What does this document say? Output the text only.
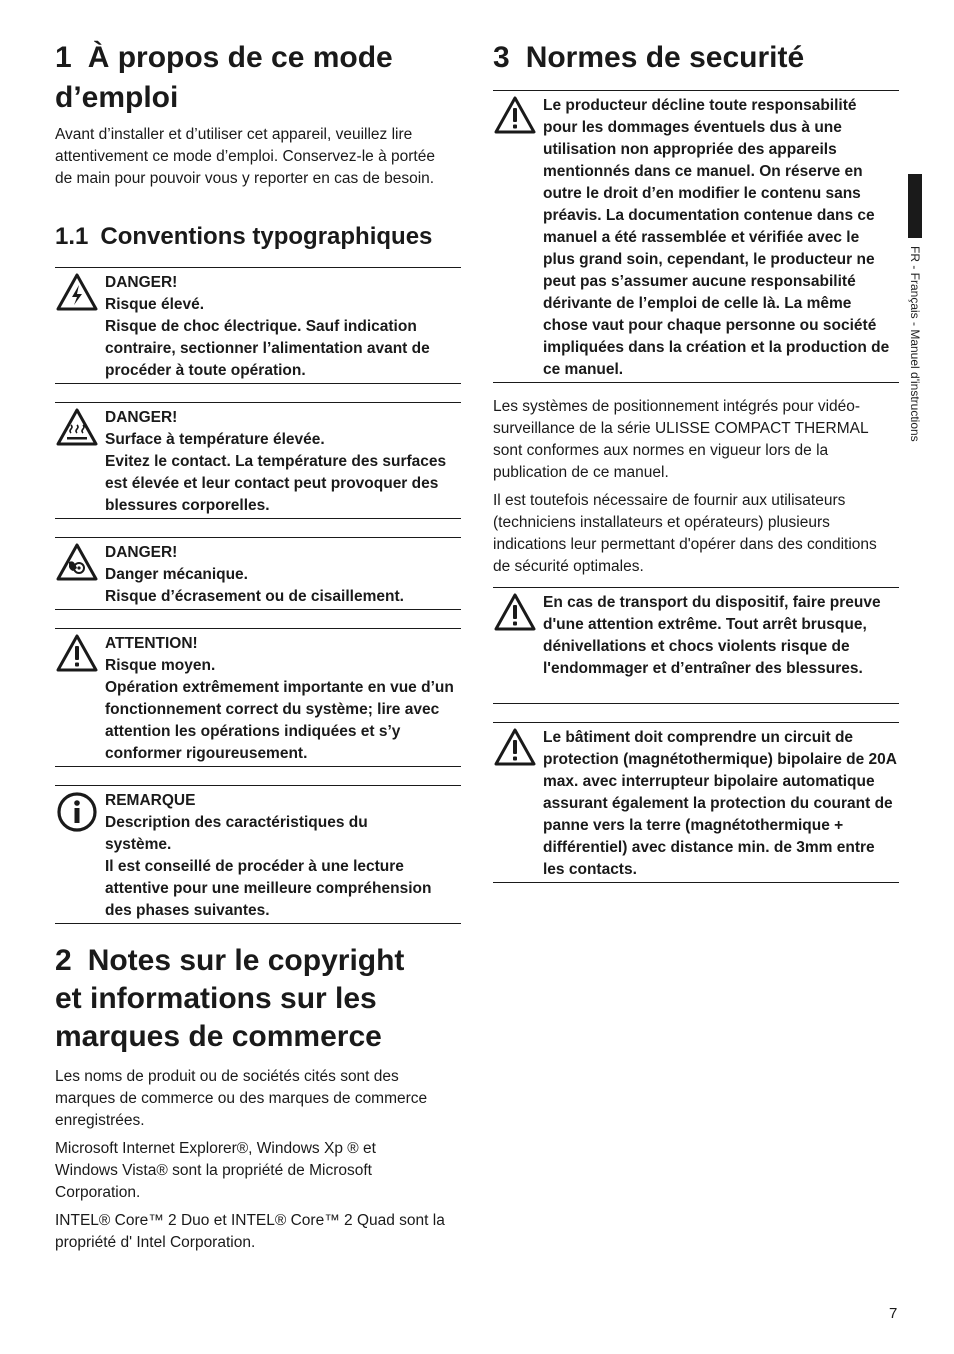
1 À propos de ce mode
d’emploi

Avant d’installer et d’utiliser cet appareil, veuillez lire attentivement ce mode d’emploi. Conservez-le à portée de main pour pouvoir vous y reporter en cas de besoin.

1.1 Conventions typographiques
DANGER!
Risque élevé.
Risque de choc électrique. Sauf indication contraire, sectionner l’alimentation avant de procéder à toute opération.
DANGER!
Surface à température élevée.
Evitez le contact. La température des surfaces est élevée et leur contact peut provoquer des blessures corporelles.
DANGER!
Danger mécanique.
Risque d’écrasement ou de cisaillement.
ATTENTION!
Risque moyen.
Opération extrêmement importante en vue d’un fonctionnement correct du système; lire avec attention les opérations indiquées et s’y conformer rigoureusement.
REMARQUE
Description des caractéristiques du système.
Il est conseillé de procéder à une lecture attentive pour une meilleure compréhension des phases suivantes.
2 Notes sur le copyright
et informations sur les
marques de commerce

Les noms de produit ou de sociétés cités sont des marques de commerce ou des marques de commerce enregistrées.

Microsoft Internet Explorer®, Windows Xp ® et Windows Vista® sont la propriété de Microsoft Corporation.

INTEL® Core™ 2 Duo et INTEL® Core™ 2 Quad sont la propriété d' Intel Corporation.

3 Normes de securité
Le producteur décline toute responsabilité pour les dommages éventuels dus à une utilisation non appropriée des appareils mentionnés dans ce manuel. On réserve en outre le droit d’en modifier le contenu sans préavis. La documentation contenue dans ce manuel a été rassemblée et vérifiée avec le plus grand soin, cependant, le producteur ne peut pas s’assumer aucune responsabilité dérivante de l’emploi de celle là. La même chose vaut pour chaque personne ou société impliquées dans la création et la production de ce manuel.

Les systèmes de positionnement intégrés pour vidéo-surveillance de la série ULISSE COMPACT THERMAL sont conformes aux normes en vigueur lors de la publication de ce manuel.

Il est toutefois nécessaire de fournir aux utilisateurs (techniciens installateurs et opérateurs) plusieurs indications leur permettant d'opérer dans des conditions de sécurité optimales.

En cas de transport du dispositif, faire preuve d'une attention extrême. Tout arrêt brusque, dénivellations et chocs violents risque de l'endommager et d’entraîner des blessures.
Le bâtiment doit comprendre un circuit de protection (magnétothermique) bipolaire de 20A max. avec interrupteur bipolaire automatique assurant également la protection du courant de panne vers la terre (magnétothermique + différentiel) avec distance min. de 3mm entre les contacts.
FR - Français - Manuel d'instructions
7
